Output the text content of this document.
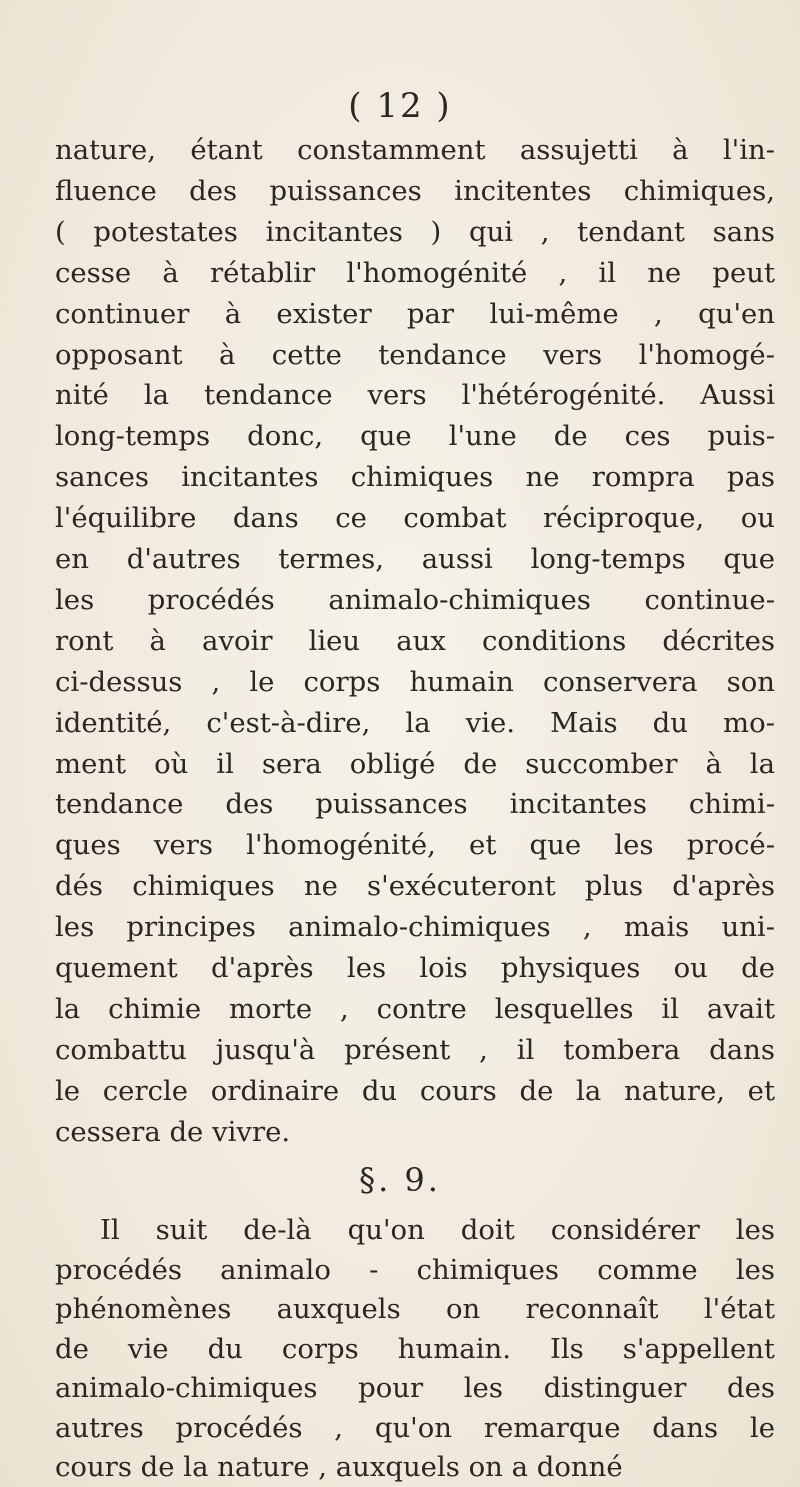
( 12 )
nature, étant constamment assujetti à l'in-
fluence des puissances incitentes chimiques,
( potestates incitantes ) qui , tendant sans
cesse à rétablir l'homogénité , il ne peut
continuer à exister par lui-même , qu'en
opposant à cette tendance vers l'homogé-
nité la tendance vers l'hétérogénité. Aussi
long-temps donc, que l'une de ces puis-
sances incitantes chimiques ne rompra pas
l'équilibre dans ce combat réciproque, ou
en d'autres termes, aussi long-temps que
les procédés animalo-chimiques continue-
ront à avoir lieu aux conditions décrites
ci-dessus , le corps humain conservera son
identité, c'est-à-dire, la vie. Mais du mo-
ment où il sera obligé de succomber à la
tendance des puissances incitantes chimi-
ques vers l'homogénité, et que les procé-
dés chimiques ne s'exécuteront plus d'après
les principes animalo-chimiques , mais uni-
quement d'après les lois physiques ou de
la chimie morte , contre lesquelles il avait
combattu jusqu'à présent , il tombera dans
le cercle ordinaire du cours de la nature, et
cessera de vivre.
§. 9.
Il suit de-là qu'on doit considérer les
procédés animalo - chimiques comme les
phénomènes auxquels on reconnaît l'état
de vie du corps humain. Ils s'appellent
animalo-chimiques pour les distinguer des
autres procédés , qu'on remarque dans le
cours de la nature , auxquels on a donné
